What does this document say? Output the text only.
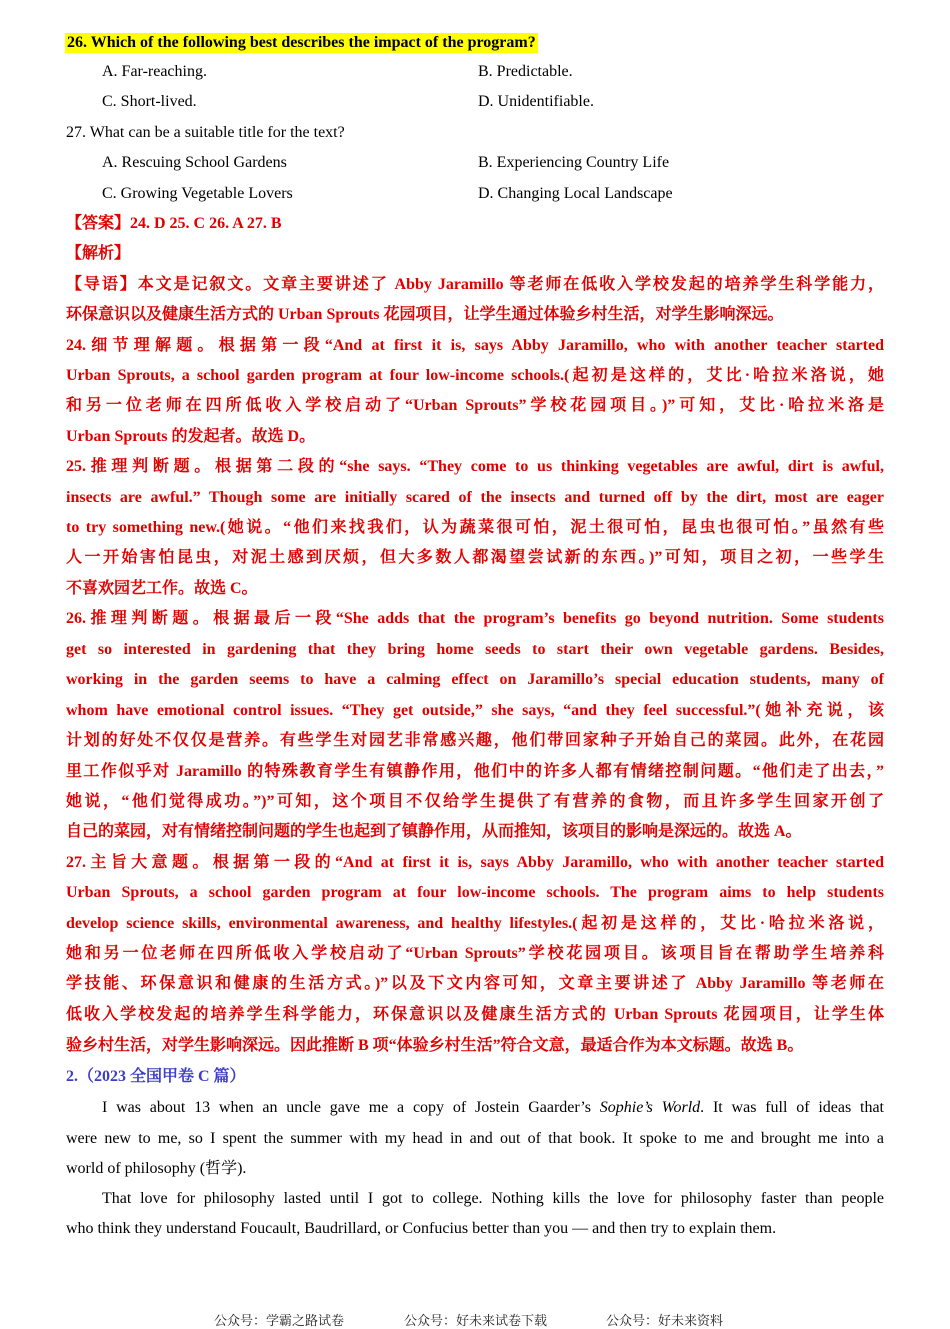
26. Which of the following best describes the impact of the program?
A. Far-reaching.	B. Predictable.
C. Short-lived.	D. Unidentifiable.
27. What can be a suitable title for the text?
A. Rescuing School Gardens	B. Experiencing Country Life
C. Growing Vegetable Lovers	D. Changing Local Landscape
【答案】24. D 25. C 26. A 27. B
【解析】
【导语】本文是记叙文。文章主要讲述了 Abby Jaramillo 等老师在低收入学校发起的培养学生科学能力，
环保意识以及健康生活方式的 Urban Sprouts 花园项目，让学生通过体验乡村生活，对学生影响深远。
24.细节理解题。根据第一段“And at first it is, says Abby Jaramillo, who with another teacher started
Urban Sprouts, a school garden program at four low-income schools.(起初是这样的，艾比·哈拉米洛说，她
和另一位老师在四所低收入学校启动了“Urban Sprouts”学校花园项目。)”可知，艾比·哈拉米洛是
Urban Sprouts 的发起者。故选 D。
25.推理判断题。根据第二段的“she says. “They come to us thinking vegetables are awful, dirt is awful,
insects are awful.” Though some are initially scared of the insects and turned off by the dirt, most are eager
to try something new.(她说。“他们来找我们，认为蔬菜很可怕，泥土很可怕，昆虫也很可怕。”虽然有些
人一开始害怕昆虫，对泥土感到厌烦，但大多数人都渴望尝试新的东西。)”可知，项目之初，一些学生
不喜欢园艺工作。故选 C。
26.推理判断题。根据最后一段“She adds that the program’s benefits go beyond nutrition. Some students
get so interested in gardening that they bring home seeds to start their own vegetable gardens. Besides,
working in the garden seems to have a calming effect on Jaramillo’s special education students, many of
whom have emotional control issues. “They get outside,” she says, “and they feel successful.”(她补充说，该
计划的好处不仅仅是营养。有些学生对园艺非常感兴趣，他们带回家种子开始自己的菜园。此外，在花园
里工作似乎对 Jaramillo 的特殊教育学生有镇静作用，他们中的许多人都有情绪控制问题。“他们走了出去，”
她说，“他们觉得成功。”)”可知，这个项目不仅给学生提供了有营养的食物，而且许多学生回家开创了
自己的菜园，对有情绪控制问题的学生也起到了镇静作用，从而推知，该项目的影响是深远的。故选 A。
27.主旨大意题。根据第一段的“And at first it is, says Abby Jaramillo, who with another teacher started
Urban Sprouts, a school garden program at four low-income schools. The program aims to help students
develop science skills, environmental awareness, and healthy lifestyles.(起初是这样的，艾比·哈拉米洛说，
她和另一位老师在四所低收入学校启动了“Urban Sprouts”学校花园项目。该项目旨在帮助学生培养科
学技能、环保意识和健康的生活方式。)”以及下文内容可知，文章主要讲述了 Abby Jaramillo 等老师在
低收入学校发起的培养学生科学能力，环保意识以及健康生活方式的 Urban Sprouts 花园项目，让学生体
验乡村生活，对学生影响深远。因此推断 B 项“体验乡村生活”符合文意，最适合作为本文标题。故选 B。
2.（2023 全国甲卷 C 篇）
I was about 13 when an uncle gave me a copy of Jostein Gaarder’s Sophie’s World. It was full of ideas that
were new to me, so I spent the summer with my head in and out of that book. It spoke to me and brought me into a
world of philosophy (哲学).
That love for philosophy lasted until I got to college. Nothing kills the love for philosophy faster than people
who think they understand Foucault, Baudrillard, or Confucius better than you — and then try to explain them.
公众号：学霸之路试卷	公众号：好未来试卷下载	公众号：好未来资料
